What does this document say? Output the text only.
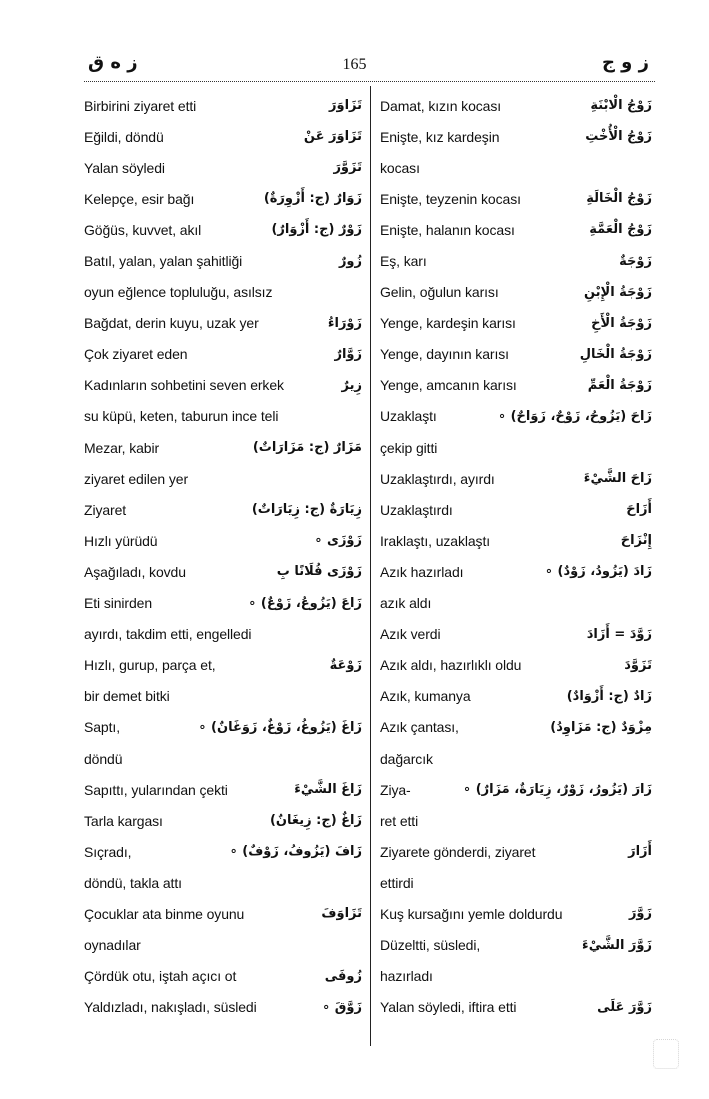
ز ه ق	165	ز و ج
Birbirini ziyaret etti	تَزَاوَرَ
Eğildi, döndü	تَزَاوَرَ عَنْ
Yalan söyledi	تَزَوَّرَ
Kelepçe, esir bağı	زَوَارٌ (ج: أَزْوِرَةٌ)
Göğüs, kuvvet, akıl	زَوْرٌ (ج: أَزْوَارٌ)
Batıl, yalan, yalan şahitliği	زُورٌ
oyun eğlence topluluğu, asılsız
Bağdat, derin kuyu, uzak yer	زَوْرَاءُ
Çok ziyaret eden	زَوَّارٌ
Kadınların sohbetini seven erkek	زِيرٌ
su küpü, keten, taburun ince teli
Mezar, kabir	مَزَارٌ (ج: مَزَارَاتٌ)
ziyaret edilen yer
Ziyaret	زِيَارَةٌ (ج: زِيَارَاتٌ)
Hızlı yürüdü	زَوْزَى ∘
Aşağıladı, kovdu	زَوْزَى فُلَانًا بِ
Eti sinirden	زَاعَ (يَزُوعُ، زَوْعٌ) ∘
ayırdı, takdim etti, engelledi
Hızlı, gurup, parça et,	زَوْعَةٌ
bir demet bitki
Saptı,	زَاغَ (يَزُوغُ، زَوْغٌ، زَوَغَانٌ) ∘
döndü
Sapıttı, yularından çekti	زَاغَ الشَّيْءَ
Tarla kargası	زَاغٌ (ج: زِيغَانٌ)
Sıçradı,	زَافَ (يَزُوفُ، زَوْفٌ) ∘
döndü, takla attı
Çocuklar ata binme oyunu	تَزَاوَفَ
oynadılar
Çördük otu, iştah açıcı ot	زُوفَى
Yaldızladı, nakışladı, süsledi	زَوَّقَ ∘
Damat, kızın kocası	زَوْجُ الْابْنَةِ
Enişte, kız kardeşin	زَوْجُ الْأُخْتِ
kocası
Enişte, teyzenin kocası	زَوْجُ الْخَالَةِ
Enişte, halanın kocası	زَوْجُ الْعَمَّةِ
Eş, karı	زَوْجَةٌ
Gelin, oğulun karısı	زَوْجَةُ الْإِبْنِ
Yenge, kardeşin karısı	زَوْجَةُ الْأَخِ
Yenge, dayının karısı	زَوْجَةُ الْخَالِ
Yenge, amcanın karısı	زَوْجَةُ الْعَمِّ
Uzaklaştı	زَاحَ (يَزُوحُ، زَوْحٌ، زَوَاحٌ) ∘
çekip gitti
Uzaklaştırdı, ayırdı	زَاحَ الشَّيْءَ
Uzaklaştırdı	أَزَاحَ
Iraklaştı, uzaklaştı	إِنْزَاحَ
Azık hazırladı	زَادَ (يَزُودُ، زَوْدٌ) ∘
azık aldı
Azık verdi	زَوَّدَ = أَزَادَ
Azık aldı, hazırlıklı oldu	تَزَوَّدَ
Azık, kumanya	زَادٌ (ج: أَزْوَادٌ)
Azık çantası,	مِزْوَدٌ (ج: مَزَاوِدُ)
dağarcık
Ziya-	زَارَ (يَزُورُ، زَوْرٌ، زِيَارَةٌ، مَزَارٌ) ∘
ret etti
Ziyarete gönderdi, ziyaret	أَزَارَ
ettirdi
Kuş kursağını yemle doldurdu	زَوَّرَ
Düzeltti, süsledi,	زَوَّرَ الشَّيْءَ
hazırladı
Yalan söyledi, iftira etti	زَوَّرَ عَلَى
